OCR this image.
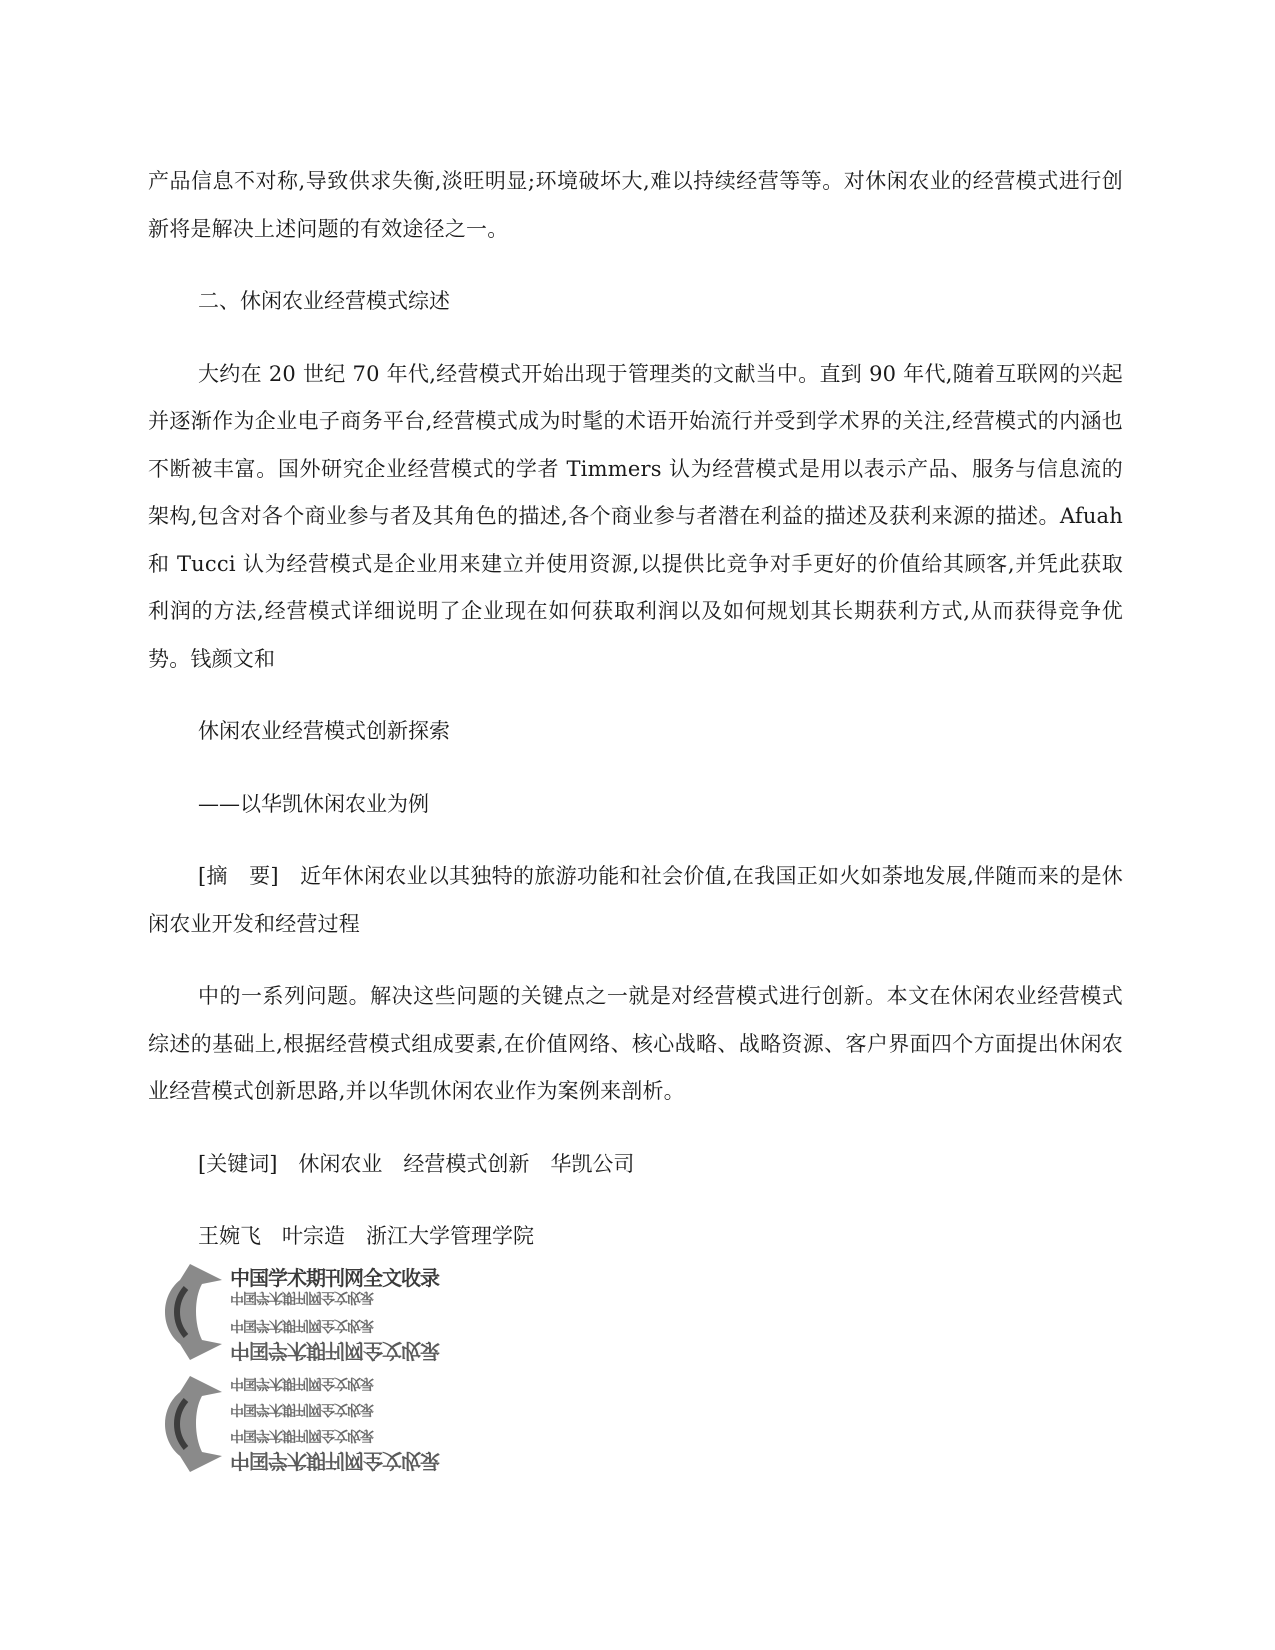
产品信息不对称,导致供求失衡,淡旺明显;环境破坏大,难以持续经营等等。对休闲农业的经营模式进行创新将是解决上述问题的有效途径之一。

二、休闲农业经营模式综述

大约在 20 世纪 70 年代,经营模式开始出现于管理类的文献当中。直到 90 年代,随着互联网的兴起并逐渐作为企业电子商务平台,经营模式成为时髦的术语开始流行并受到学术界的关注,经营模式的内涵也不断被丰富。国外研究企业经营模式的学者 Timmers 认为经营模式是用以表示产品、服务与信息流的架构,包含对各个商业参与者及其角色的描述,各个商业参与者潜在利益的描述及获利来源的描述。Afuah 和 Tucci 认为经营模式是企业用来建立并使用资源,以提供比竞争对手更好的价值给其顾客,并凭此获取利润的方法,经营模式详细说明了企业现在如何获取利润以及如何规划其长期获利方式,从而获得竞争优势。钱颜文和

休闲农业经营模式创新探索

——以华凯休闲农业为例

[摘　要]　近年休闲农业以其独特的旅游功能和社会价值,在我国正如火如荼地发展,伴随而来的是休闲农业开发和经营过程

中的一系列问题。解决这些问题的关键点之一就是对经营模式进行创新。本文在休闲农业经营模式综述的基础上,根据经营模式组成要素,在价值网络、核心战略、战略资源、客户界面四个方面提出休闲农业经营模式创新思路,并以华凯休闲农业作为案例来剖析。

[关键词]　休闲农业　经营模式创新　华凯公司

王婉飞　叶宗造　浙江大学管理学院

中国学术期刊网全文收录
中国学术期刊网全文收录
中国学术期刊网全文收录
中国学术期刊网全文收录
中国学术期刊网全文收录
中国学术期刊网全文收录
中国学术期刊网全文收录
中国学术期刊网全文收录
